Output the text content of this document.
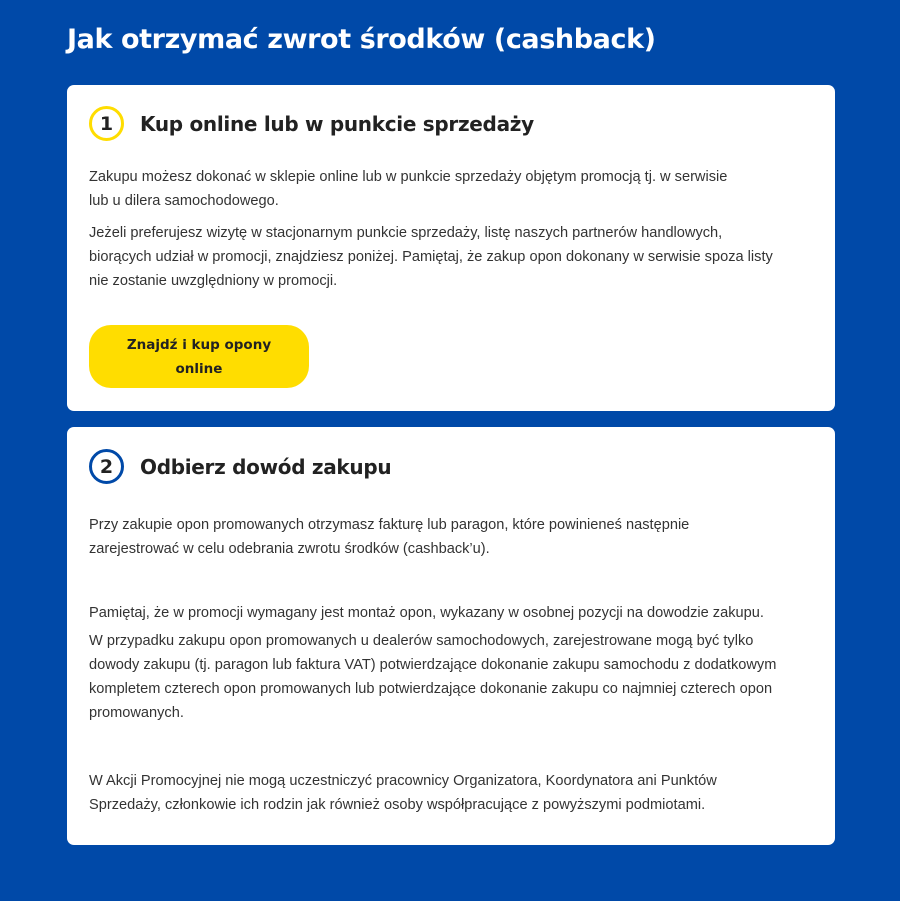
Jak otrzymać zwrot środków (cashback)
1	Kup online lub w punkcie sprzedaży

Zakupu możesz dokonać w sklepie online lub w punkcie sprzedaży objętym promocją tj. w serwisie
lub u dilera samochodowego.

Jeżeli preferujesz wizytę w stacjonarnym punkcie sprzedaży, listę naszych partnerów handlowych,
biorących udział w promocji, znajdziesz poniżej. Pamiętaj, że zakup opon dokonany w serwisie spoza listy
nie zostanie uwzględniony w promocji.

Znajdź i kup opony online
2	Odbierz dowód zakupu

Przy zakupie opon promowanych otrzymasz fakturę lub paragon, które powinieneś następnie
zarejestrować w celu odebrania zwrotu środków (cashback’u).

Pamiętaj, że w promocji wymagany jest montaż opon, wykazany w osobnej pozycji na dowodzie zakupu.

W przypadku zakupu opon promowanych u dealerów samochodowych, zarejestrowane mogą być tylko
dowody zakupu (tj. paragon lub faktura VAT) potwierdzające dokonanie zakupu samochodu z dodatkowym
kompletem czterech opon promowanych lub potwierdzające dokonanie zakupu co najmniej czterech opon
promowanych.

W Akcji Promocyjnej nie mogą uczestniczyć pracownicy Organizatora, Koordynatora ani Punktów
Sprzedaży, członkowie ich rodzin jak również osoby współpracujące z powyższymi podmiotami.
